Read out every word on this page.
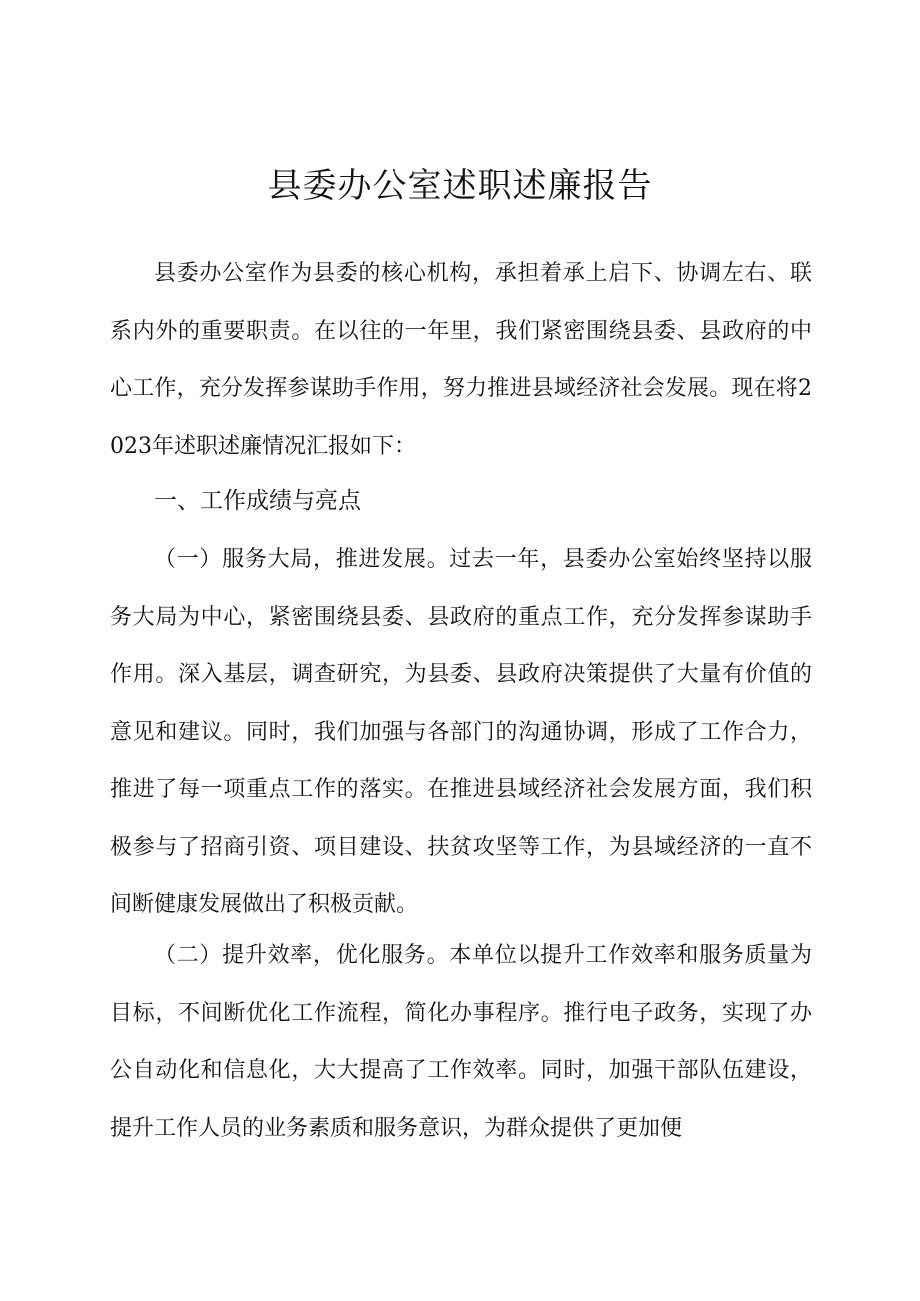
县委办公室述职述廉报告

县委办公室作为县委的核心机构，承担着承上启下、协调左右、联系内外的重要职责。在以往的一年里，我们紧密围绕县委、县政府的中心工作，充分发挥参谋助手作用，努力推进县域经济社会发展。现在将2023年述职述廉情况汇报如下：

一、工作成绩与亮点

（一）服务大局，推进发展。过去一年，县委办公室始终坚持以服务大局为中心，紧密围绕县委、县政府的重点工作，充分发挥参谋助手作用。深入基层，调查研究，为县委、县政府决策提供了大量有价值的意见和建议。同时，我们加强与各部门的沟通协调，形成了工作合力，推进了每一项重点工作的落实。在推进县域经济社会发展方面，我们积极参与了招商引资、项目建设、扶贫攻坚等工作，为县域经济的一直不间断健康发展做出了积极贡献。

（二）提升效率，优化服务。本单位以提升工作效率和服务质量为目标，不间断优化工作流程，简化办事程序。推行电子政务，实现了办公自动化和信息化，大大提高了工作效率。同时，加强干部队伍建设，提升工作人员的业务素质和服务意识，为群众提供了更加便
